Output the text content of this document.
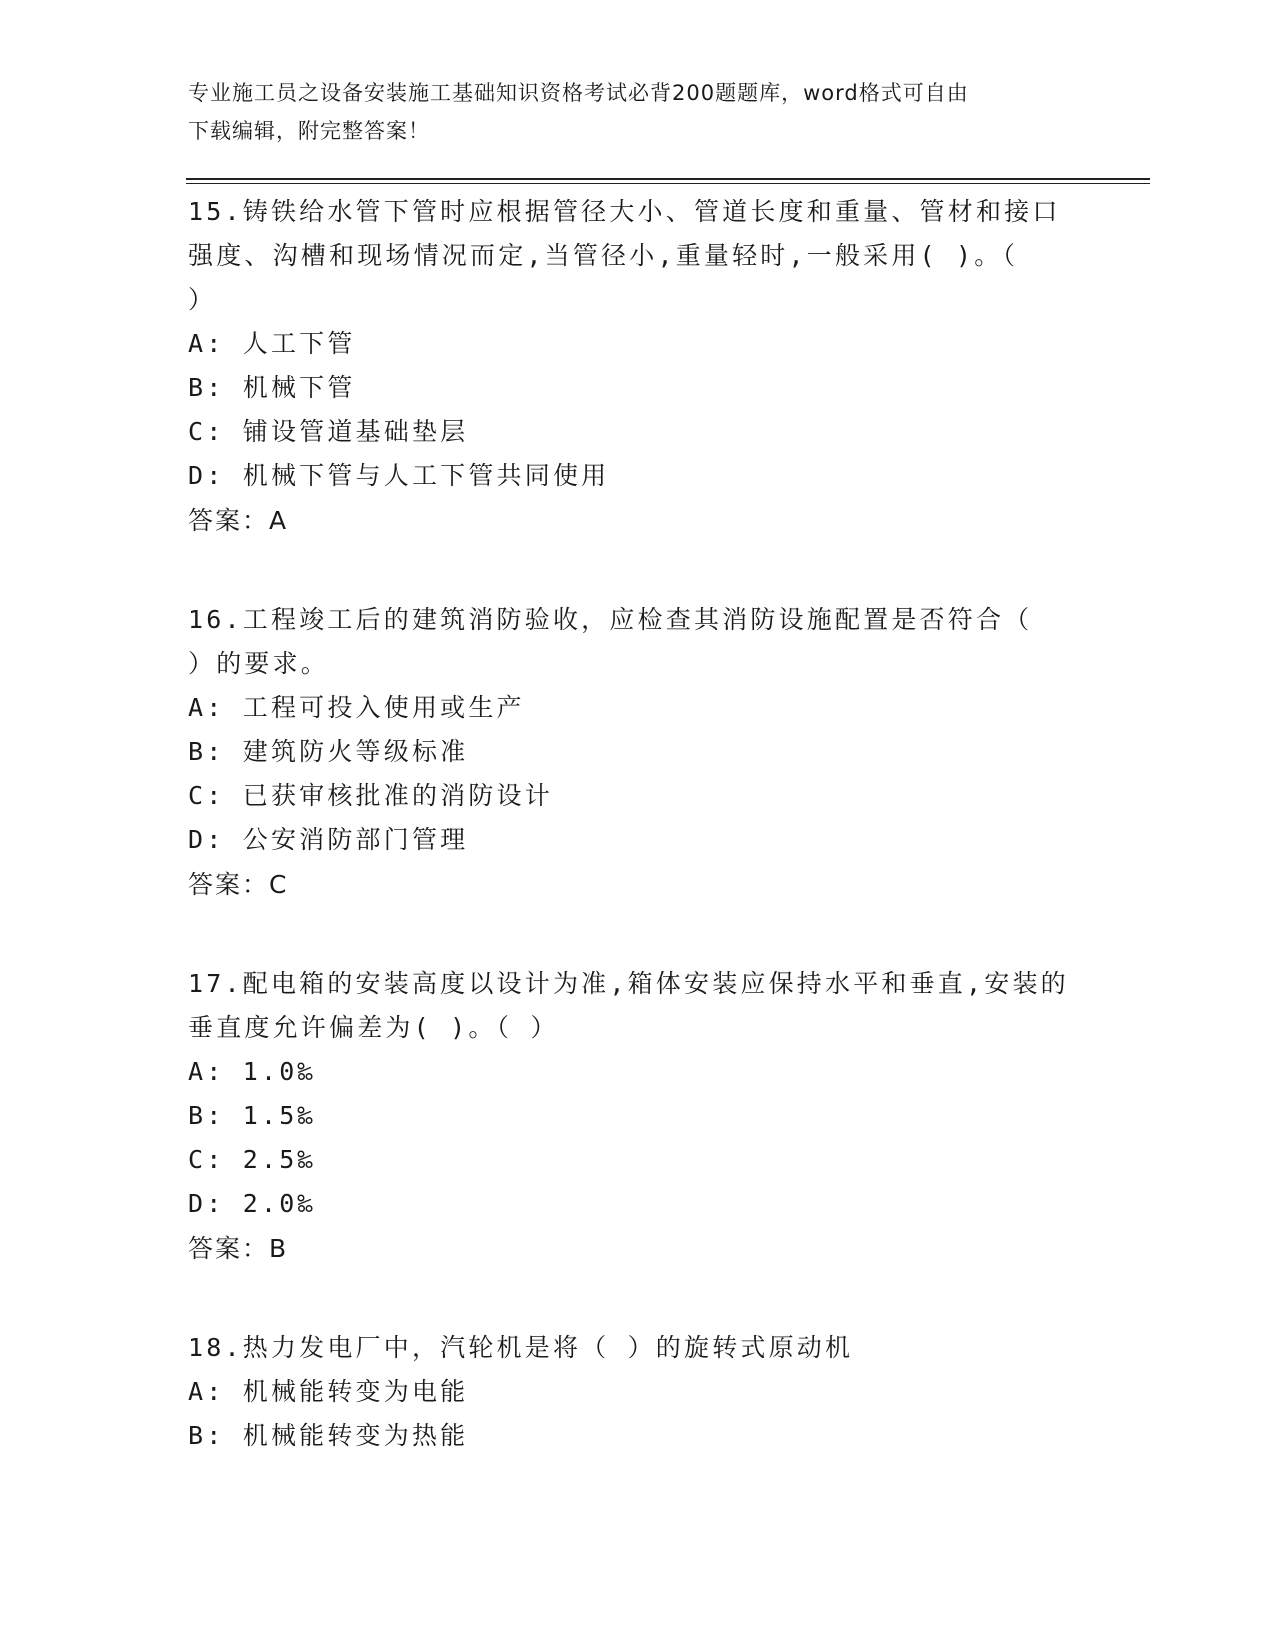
专业施工员之设备安装施工基础知识资格考试必背200题题库，word格式可自由
下载编辑，附完整答案！

15.铸铁给水管下管时应根据管径大小、管道长度和重量、管材和接口

强度、沟槽和现场情况而定,当管径小,重量轻时,一般采用( )。（

）

A: 人工下管

B: 机械下管

C: 铺设管道基础垫层

D: 机械下管与人工下管共同使用

答案：A

16.工程竣工后的建筑消防验收，应检查其消防设施配置是否符合（

）的要求。

A: 工程可投入使用或生产

B: 建筑防火等级标准

C: 已获审核批准的消防设计

D: 公安消防部门管理

答案：C

17.配电箱的安装高度以设计为准,箱体安装应保持水平和垂直,安装的

垂直度允许偏差为( )。（ ）

A: 1.0‰

B: 1.5‰

C: 2.5‰

D: 2.0‰

答案：B

18.热力发电厂中，汽轮机是将（ ）的旋转式原动机

A: 机械能转变为电能

B: 机械能转变为热能
